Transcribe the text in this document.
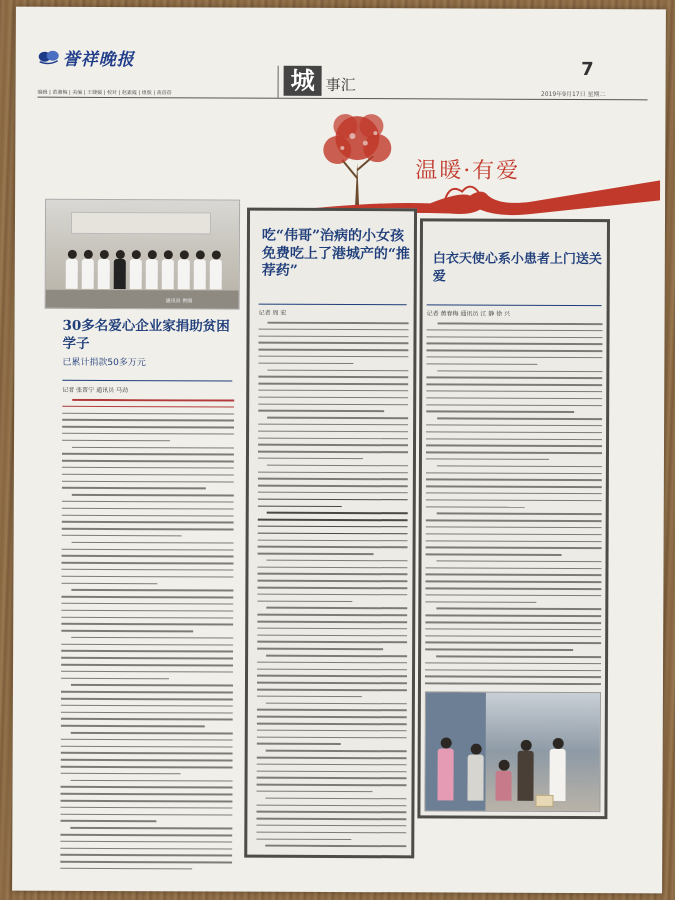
誉祥晚报
编辑 | 黄湘梅 | 美编 | 王婕媛 | 校对 | 赵素霞 | 组版 | 黄蓓蓓	城 事汇
7
2019年9月17日 星期二
温暖·有爱
通讯员 供图
30多名爱心企业家捐助贫困学子
已累计捐款50多万元
记者 张晋宁 通讯员 马劲
吃“伟哥”治病的小女孩免费吃上了港城产的“推荐药”
记者 周 宏
白衣天使心系小患者上门送关爱
记者 黄春梅 通讯员 江 静 徐 兴
